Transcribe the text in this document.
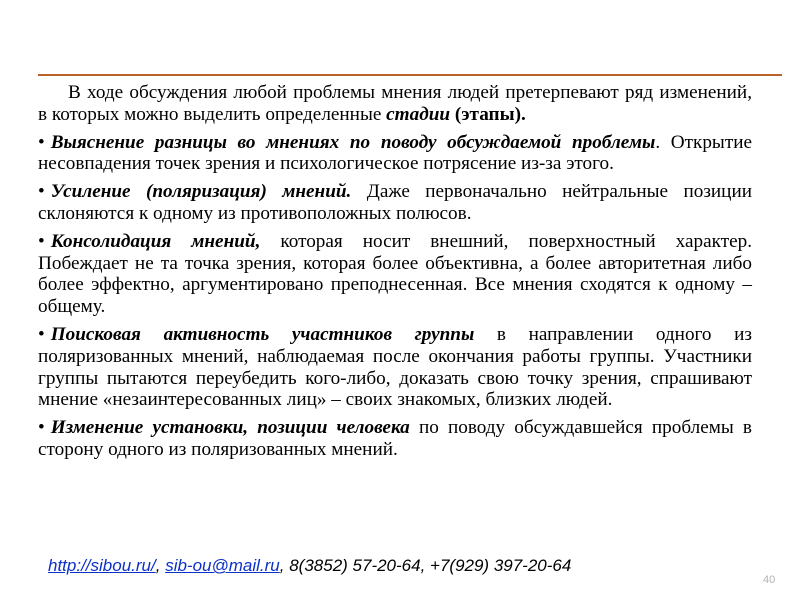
В ходе обсуждения любой проблемы мнения людей претерпевают ряд изменений, в которых можно выделить определенные стадии (этапы).

• Выяснение разницы во мнениях по поводу обсуждаемой проблемы. Открытие несовпадения точек зрения и психологическое потрясение из-за этого.

• Усиление (поляризация) мнений. Даже первоначально нейтральные позиции склоняются к одному из противоположных полюсов.

• Консолидация мнений, которая носит внешний, поверхностный характер. Побеждает не та точка зрения, которая более объективна, а более авторитетная либо более эффектно, аргументировано преподнесенная. Все мнения сходятся к одному – общему.

• Поисковая активность участников группы в направлении одного из поляризованных мнений, наблюдаемая после окончания работы группы. Участники группы пытаются переубедить кого-либо, доказать свою точку зрения, спрашивают мнение «незаинтересованных лиц» – своих знакомых, близких людей.

• Изменение установки, позиции человека по поводу обсуждавшейся проблемы в сторону одного из поляризованных мнений.

http://sibou.ru/, sib-ou@mail.ru, 8(3852) 57-20-64, +7(929) 397-20-64
40
